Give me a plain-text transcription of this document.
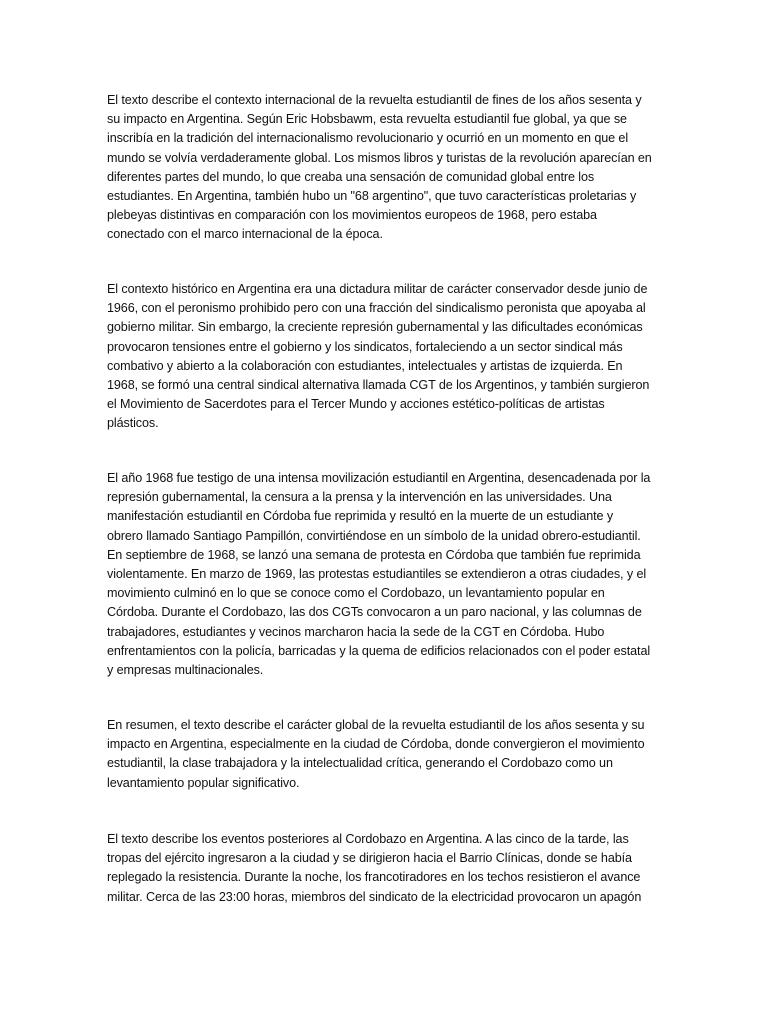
El texto describe el contexto internacional de la revuelta estudiantil de fines de los años sesenta y
su impacto en Argentina. Según Eric Hobsbawm, esta revuelta estudiantil fue global, ya que se
inscribía en la tradición del internacionalismo revolucionario y ocurrió en un momento en que el
mundo se volvía verdaderamente global. Los mismos libros y turistas de la revolución aparecían en
diferentes partes del mundo, lo que creaba una sensación de comunidad global entre los
estudiantes. En Argentina, también hubo un "68 argentino", que tuvo características proletarias y
plebeyas distintivas en comparación con los movimientos europeos de 1968, pero estaba
conectado con el marco internacional de la época.
El contexto histórico en Argentina era una dictadura militar de carácter conservador desde junio de
1966, con el peronismo prohibido pero con una fracción del sindicalismo peronista que apoyaba al
gobierno militar. Sin embargo, la creciente represión gubernamental y las dificultades económicas
provocaron tensiones entre el gobierno y los sindicatos, fortaleciendo a un sector sindical más
combativo y abierto a la colaboración con estudiantes, intelectuales y artistas de izquierda. En
1968, se formó una central sindical alternativa llamada CGT de los Argentinos, y también surgieron
el Movimiento de Sacerdotes para el Tercer Mundo y acciones estético-políticas de artistas
plásticos.
El año 1968 fue testigo de una intensa movilización estudiantil en Argentina, desencadenada por la
represión gubernamental, la censura a la prensa y la intervención en las universidades. Una
manifestación estudiantil en Córdoba fue reprimida y resultó en la muerte de un estudiante y
obrero llamado Santiago Pampillón, convirtiéndose en un símbolo de la unidad obrero-estudiantil.
En septiembre de 1968, se lanzó una semana de protesta en Córdoba que también fue reprimida
violentamente. En marzo de 1969, las protestas estudiantiles se extendieron a otras ciudades, y el
movimiento culminó en lo que se conoce como el Cordobazo, un levantamiento popular en
Córdoba. Durante el Cordobazo, las dos CGTs convocaron a un paro nacional, y las columnas de
trabajadores, estudiantes y vecinos marcharon hacia la sede de la CGT en Córdoba. Hubo
enfrentamientos con la policía, barricadas y la quema de edificios relacionados con el poder estatal
y empresas multinacionales.
En resumen, el texto describe el carácter global de la revuelta estudiantil de los años sesenta y su
impacto en Argentina, especialmente en la ciudad de Córdoba, donde convergieron el movimiento
estudiantil, la clase trabajadora y la intelectualidad crítica, generando el Cordobazo como un
levantamiento popular significativo.
El texto describe los eventos posteriores al Cordobazo en Argentina. A las cinco de la tarde, las
tropas del ejército ingresaron a la ciudad y se dirigieron hacia el Barrio Clínicas, donde se había
replegado la resistencia. Durante la noche, los francotiradores en los techos resistieron el avance
militar. Cerca de las 23:00 horas, miembros del sindicato de la electricidad provocaron un apagón
